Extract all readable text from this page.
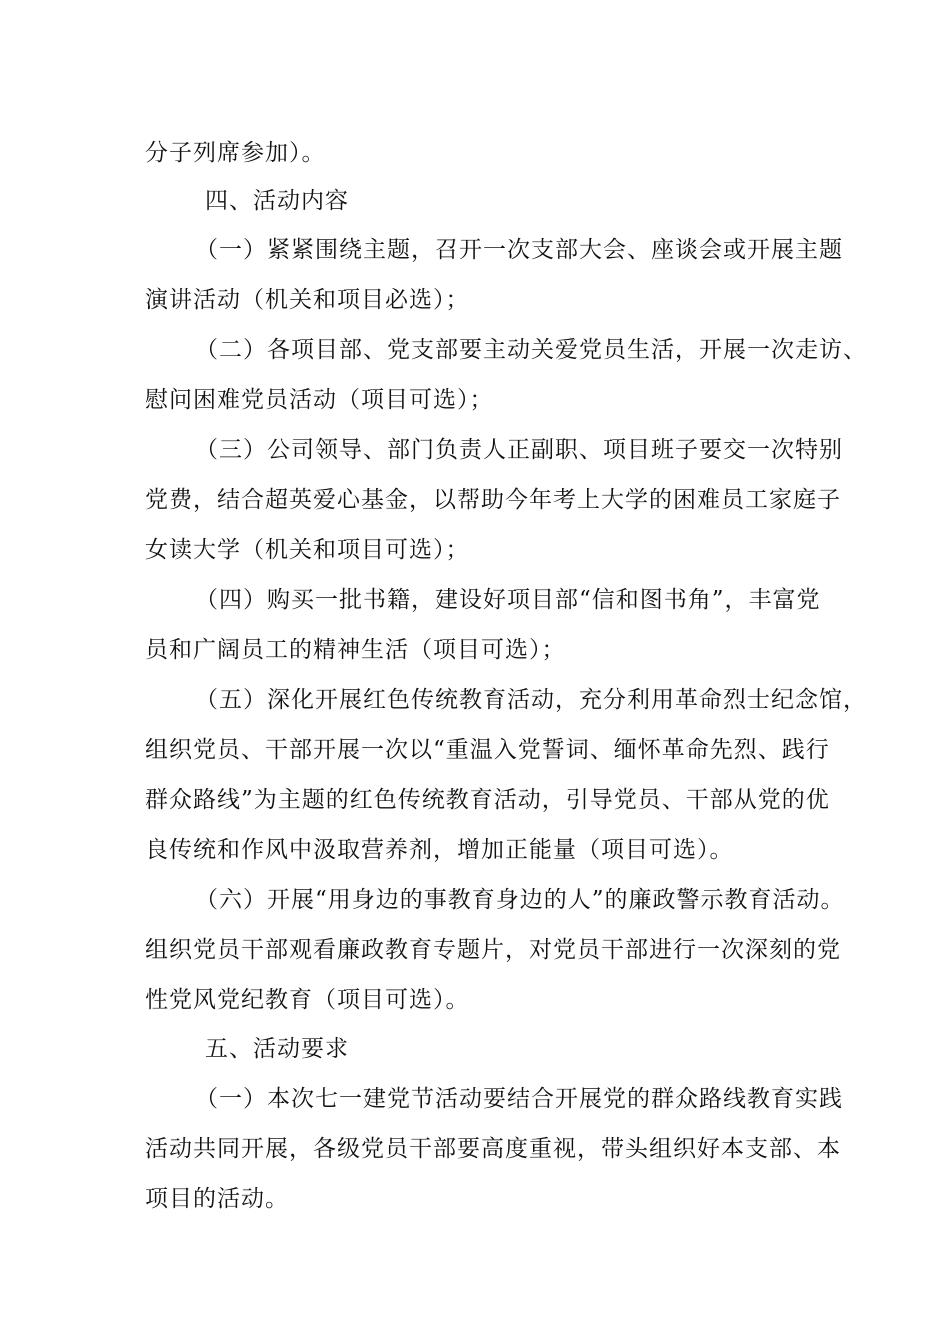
分子列席参加）。
四、活动内容
（一）紧紧围绕主题，召开一次支部大会、座谈会或开展主题
演讲活动（机关和项目必选）；
（二）各项目部、党支部要主动关爱党员生活，开展一次走访、
慰问困难党员活动（项目可选）；
（三）公司领导、部门负责人正副职、项目班子要交一次特别
党费，结合超英爱心基金，以帮助今年考上大学的困难员工家庭子
女读大学（机关和项目可选）；
（四）购买一批书籍，建设好项目部“信和图书角”，丰富党
员和广阔员工的精神生活（项目可选）；
（五）深化开展红色传统教育活动，充分利用革命烈士纪念馆，
组织党员、干部开展一次以“重温入党誓词、缅怀革命先烈、践行
群众路线”为主题的红色传统教育活动，引导党员、干部从党的优
良传统和作风中汲取营养剂，增加正能量（项目可选）。
（六）开展“用身边的事教育身边的人”的廉政警示教育活动。
组织党员干部观看廉政教育专题片，对党员干部进行一次深刻的党
性党风党纪教育（项目可选）。
五、活动要求
（一）本次七一建党节活动要结合开展党的群众路线教育实践
活动共同开展，各级党员干部要高度重视，带头组织好本支部、本
项目的活动。
